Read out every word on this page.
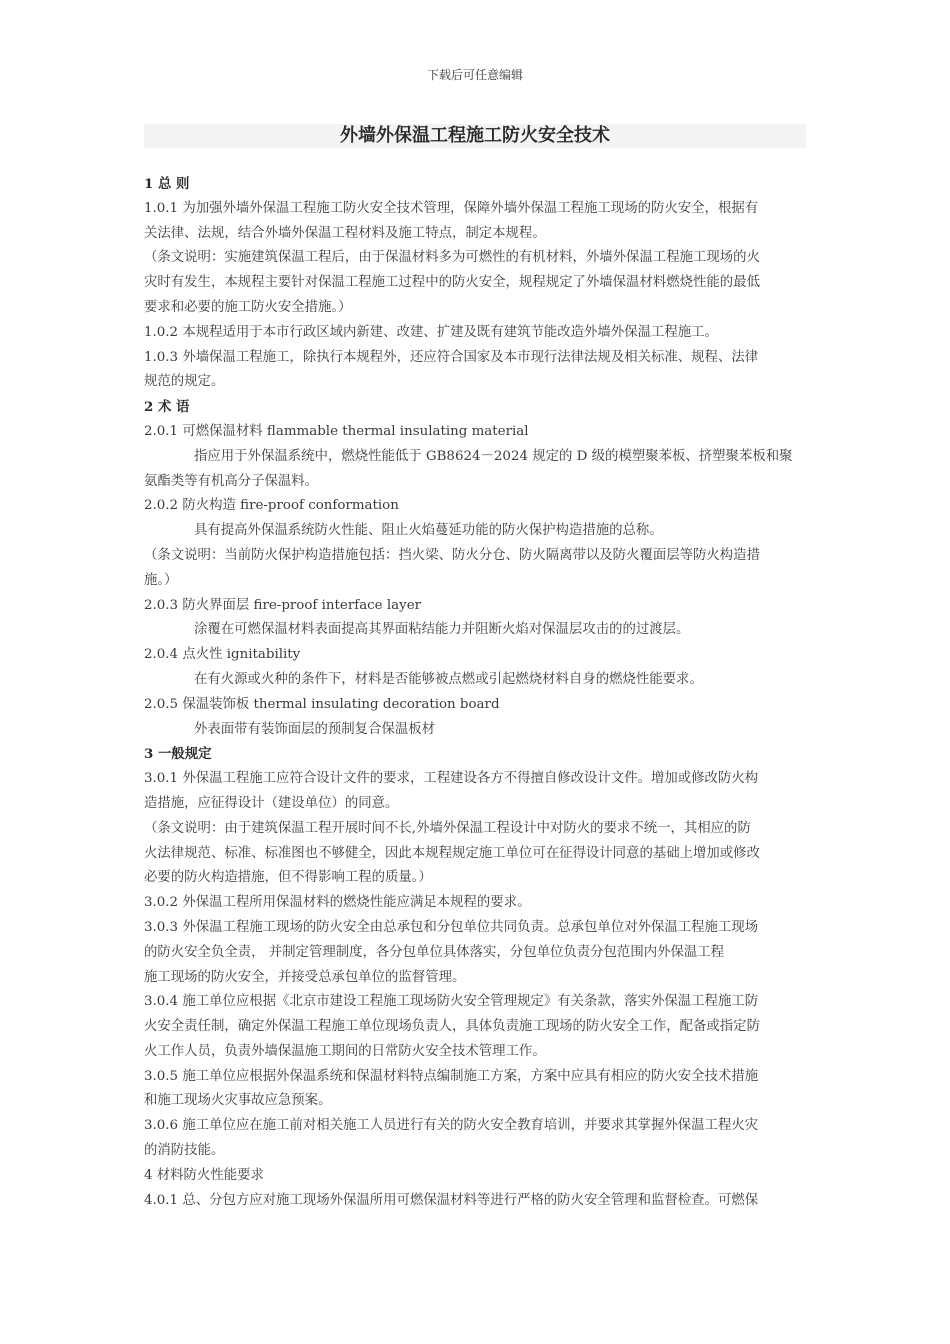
下载后可任意编辑
外墙外保温工程施工防火安全技术
1 总 则
1.0.1 为加强外墙外保温工程施工防火安全技术管理，保障外墙外保温工程施工现场的防火安全，根据有
关法律、法规，结合外墙外保温工程材料及施工特点，制定本规程。
（条文说明：实施建筑保温工程后，由于保温材料多为可燃性的有机材料，外墙外保温工程施工现场的火
灾时有发生，本规程主要针对保温工程施工过程中的防火安全，规程规定了外墙保温材料燃烧性能的最低
要求和必要的施工防火安全措施。）
1.0.2 本规程适用于本市行政区域内新建、改建、扩建及既有建筑节能改造外墙外保温工程施工。
1.0.3 外墙保温工程施工，除执行本规程外，还应符合国家及本市现行法律法规及相关标准、规程、法律
规范的规定。
2 术 语
2.0.1 可燃保温材料 flammable thermal insulating material
指应用于外保温系统中，燃烧性能低于 GB8624－2024 规定的 D 级的模塑聚苯板、挤塑聚苯板和聚
氨酯类等有机高分子保温料。
2.0.2 防火构造 fire-proof conformation
具有提高外保温系统防火性能、阻止火焰蔓延功能的防火保护构造措施的总称。
（条文说明：当前防火保护构造措施包括：挡火梁、防火分仓、防火隔离带以及防火覆面层等防火构造措
施。）
2.0.3 防火界面层 fire-proof interface layer
涂覆在可燃保温材料表面提高其界面粘结能力并阻断火焰对保温层攻击的的过渡层。
2.0.4 点火性 ignitability
在有火源或火种的条件下，材料是否能够被点燃或引起燃烧材料自身的燃烧性能要求。
2.0.5 保温装饰板 thermal insulating decoration board
外表面带有装饰面层的预制复合保温板材
3 一般规定
3.0.1 外保温工程施工应符合设计文件的要求，工程建设各方不得擅自修改设计文件。增加或修改防火构
造措施，应征得设计（建设单位）的同意。
（条文说明：由于建筑保温工程开展时间不长,外墙外保温工程设计中对防火的要求不统一，其相应的防
火法律规范、标准、标准图也不够健全，因此本规程规定施工单位可在征得设计同意的基础上增加或修改
必要的防火构造措施，但不得影响工程的质量。）
3.0.2 外保温工程所用保温材料的燃烧性能应满足本规程的要求。
3.0.3 外保温工程施工现场的防火安全由总承包和分包单位共同负责。总承包单位对外保温工程施工现场
的防火安全负全责， 并制定管理制度，各分包单位具体落实，分包单位负责分包范围内外保温工程
施工现场的防火安全，并接受总承包单位的监督管理。
3.0.4 施工单位应根据《北京市建设工程施工现场防火安全管理规定》有关条款，落实外保温工程施工防
火安全责任制，确定外保温工程施工单位现场负责人，具体负责施工现场的防火安全工作，配备或指定防
火工作人员，负责外墙保温施工期间的日常防火安全技术管理工作。
3.0.5 施工单位应根据外保温系统和保温材料特点编制施工方案，方案中应具有相应的防火安全技术措施
和施工现场火灾事故应急预案。
3.0.6 施工单位应在施工前对相关施工人员进行有关的防火安全教育培训，并要求其掌握外保温工程火灾
的消防技能。
4 材料防火性能要求
4.0.1 总、分包方应对施工现场外保温所用可燃保温材料等进行严格的防火安全管理和监督检查。可燃保
